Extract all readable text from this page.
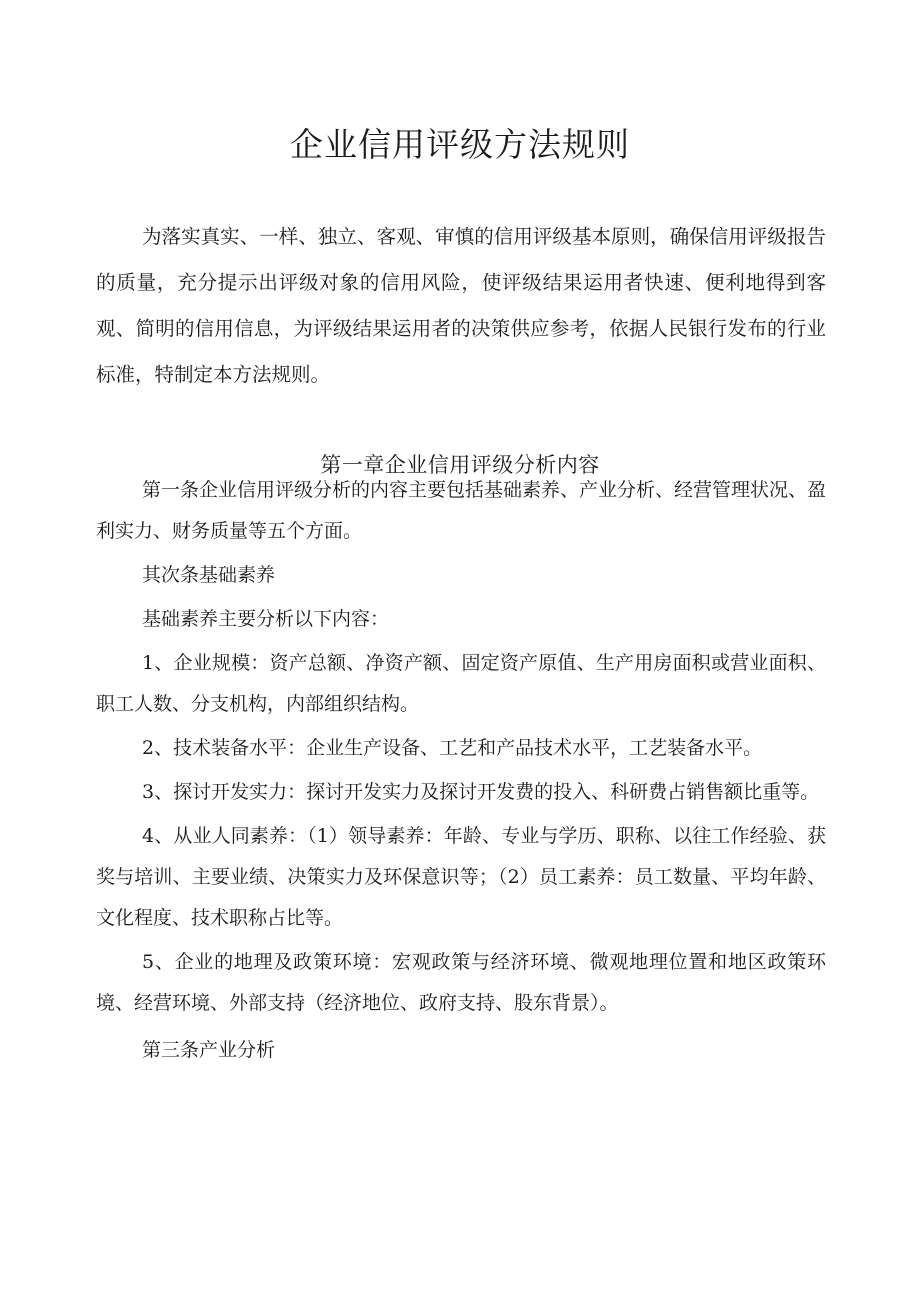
企业信用评级方法规则

为落实真实、一样、独立、客观、审慎的信用评级基本原则，确保信用评级报告的质量，充分提示出评级对象的信用风险，使评级结果运用者快速、便利地得到客观、简明的信用信息，为评级结果运用者的决策供应参考，依据人民银行发布的行业标准，特制定本方法规则。

第一章企业信用评级分析内容

第一条企业信用评级分析的内容主要包括基础素养、产业分析、经营管理状况、盈利实力、财务质量等五个方面。

其次条基础素养

基础素养主要分析以下内容：

1、企业规模：资产总额、净资产额、固定资产原值、生产用房面积或营业面积、职工人数、分支机构，内部组织结构。

2、技术装备水平：企业生产设备、工艺和产品技术水平，工艺装备水平。

3、探讨开发实力：探讨开发实力及探讨开发费的投入、科研费占销售额比重等。

4、从业人同素养：（1）领导素养：年龄、专业与学历、职称、以往工作经验、获奖与培训、主要业绩、决策实力及环保意识等；（2）员工素养：员工数量、平均年龄、文化程度、技术职称占比等。

5、企业的地理及政策环境：宏观政策与经济环境、微观地理位置和地区政策环境、经营环境、外部支持（经济地位、政府支持、股东背景）。

第三条产业分析
